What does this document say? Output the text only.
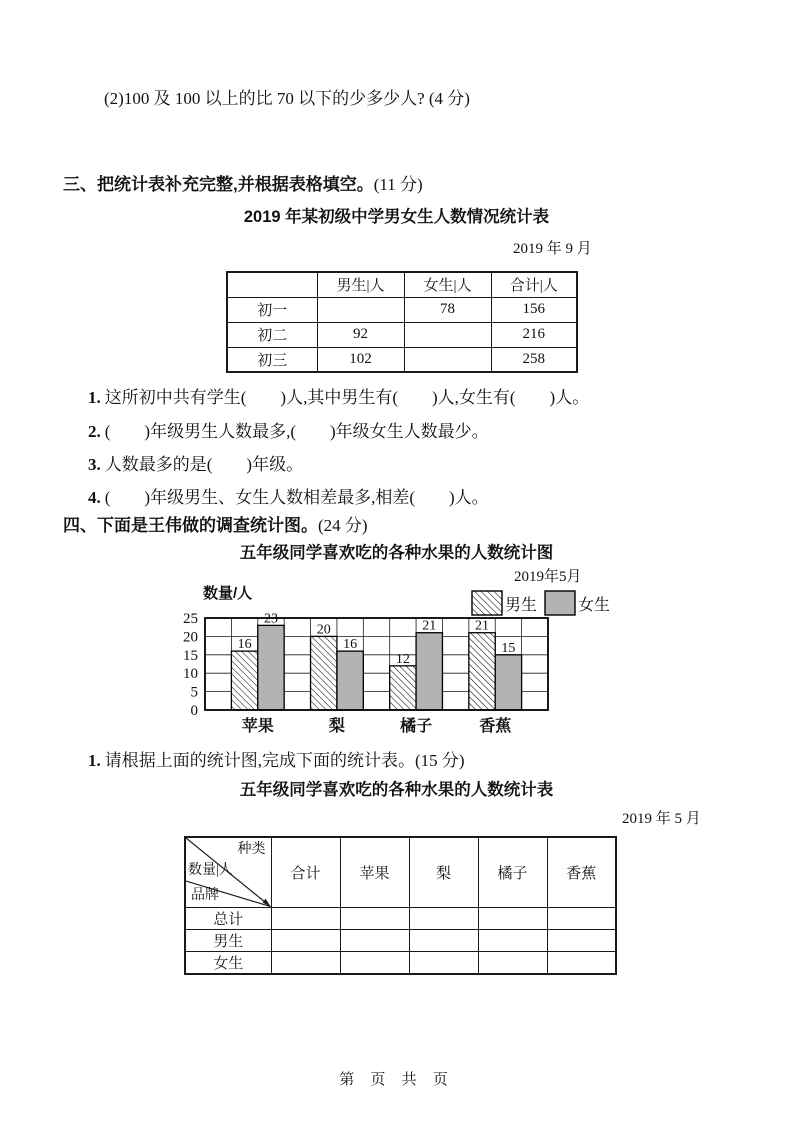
(2)100 及 100 以上的比 70 以下的少多少人? (4 分)
三、把统计表补充完整,并根据表格填空。(11 分)
2019 年某初级中学男女生人数情况统计表
2019 年 9 月
	男生|人	女生|人	合计|人
初一		78	156
初二	92		216
初三	102		258
1. 这所初中共有学生(　　)人,其中男生有(　　)人,女生有(　　)人。
2. (　　)年级男生人数最多,(　　)年级女生人数最少。
3. 人数最多的是(　　)年级。
4. (　　)年级男生、女生人数相差最多,相差(　　)人。
四、下面是王伟做的调查统计图。(24 分)
五年级同学喜欢吃的各种水果的人数统计图
2019年5月
16
20
12
21
23
16
21
15
0
5
10
15
20
25
苹果	梨	橘子	香蕉
数量/人
男生	女生
1. 请根据上面的统计图,完成下面的统计表。(15 分)
五年级同学喜欢吃的各种水果的人数统计表
2019 年 5 月
种类
数量|人
品牌	合计	苹果	梨	橘子	香蕉
总计					
男生					
女生					
第 页 共 页
